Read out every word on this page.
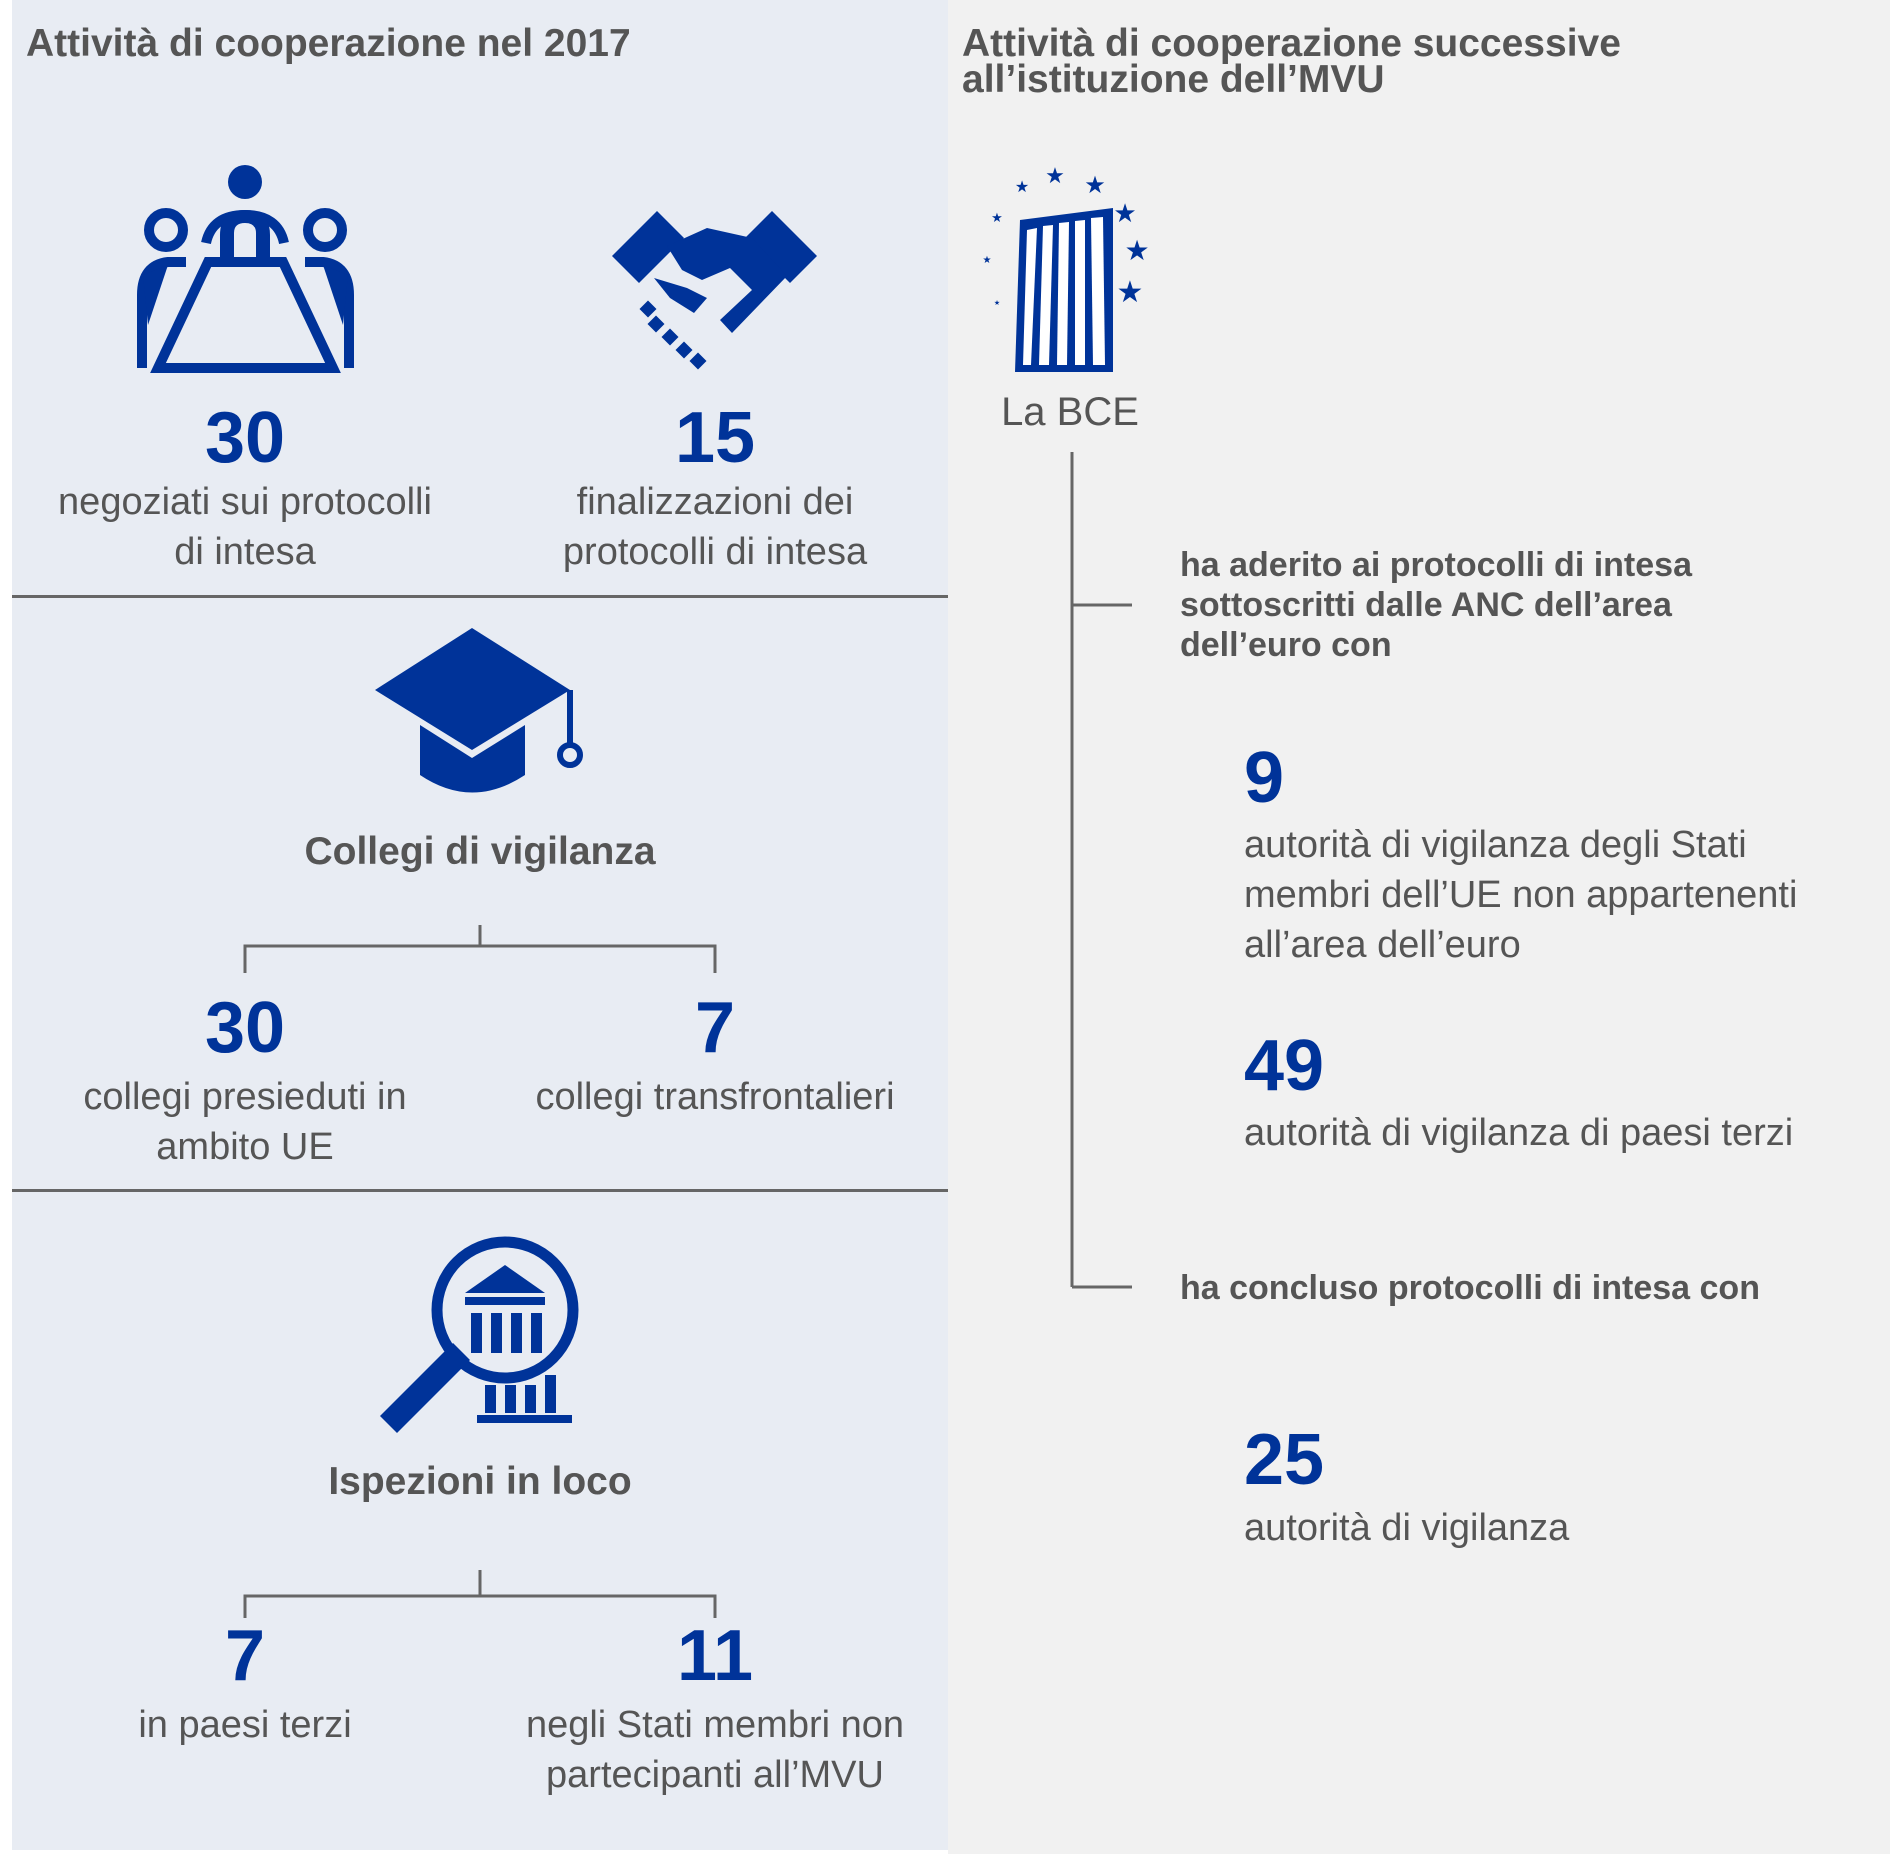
Attività di cooperazione nel 2017
30
negoziati sui protocolli
di intesa
15
finalizzazioni dei
protocolli di intesa
Collegi di vigilanza
30
collegi presieduti in
ambito UE
7
collegi transfrontalieri
Ispezioni in loco
7
in paesi terzi
11
negli Stati membri non
partecipanti all’MVU
Attività di cooperazione successive
all’istituzione dell’MVU
★ ★
★
★
★
★
★
★
★
La BCE
ha aderito ai protocolli di intesa
sottoscritti dalle ANC dell’area
dell’euro con
9
autorità di vigilanza degli Stati
membri dell’UE non appartenenti
all’area dell’euro
49
autorità di vigilanza di paesi terzi
ha concluso protocolli di intesa con
25
autorità di vigilanza
